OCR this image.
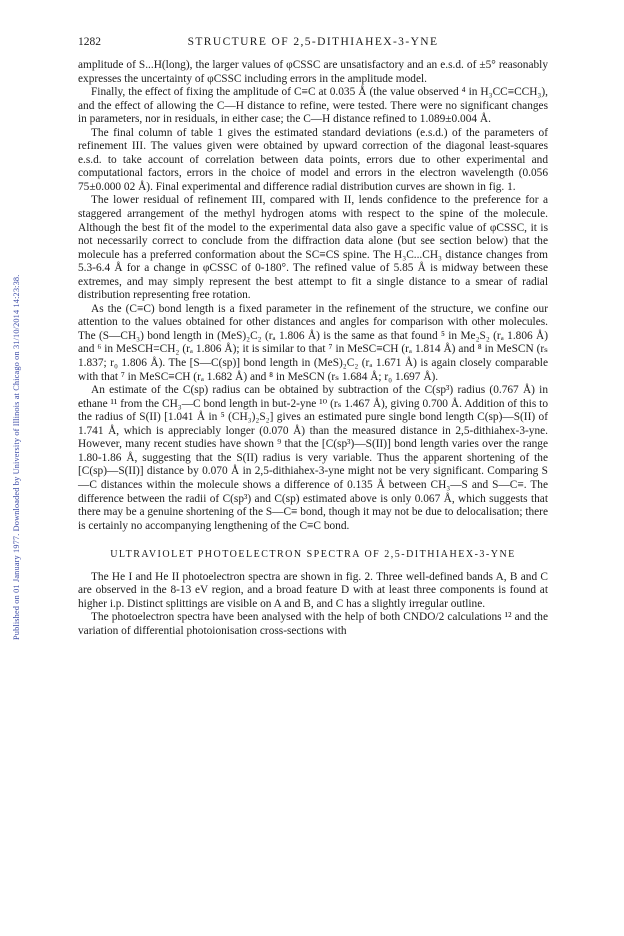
Published on 01 January 1977. Downloaded by University of Illinois at Chicago on 31/10/2014 14:23:38.
1282	STRUCTURE OF 2,5-DITHIAHEX-3-YNE

amplitude of S...H(long), the larger values of φCSSC are unsatisfactory and an e.s.d. of ±5° reasonably expresses the uncertainty of φCSSC including errors in the amplitude model.

Finally, the effect of fixing the amplitude of C≡C at 0.035 Å (the value observed ⁴ in H₃CC≡CCH₃), and the effect of allowing the C—H distance to refine, were tested. There were no significant changes in parameters, nor in residuals, in either case; the C—H distance refined to 1.089±0.004 Å.

The final column of table 1 gives the estimated standard deviations (e.s.d.) of the parameters of refinement III. The values given were obtained by upward correction of the diagonal least-squares e.s.d. to take account of correlation between data points, errors due to other experimental and computational factors, errors in the choice of model and errors in the electron wavelength (0.056 75±0.000 02 Å). Final experimental and difference radial distribution curves are shown in fig. 1.

The lower residual of refinement III, compared with II, lends confidence to the preference for a staggered arrangement of the methyl hydrogen atoms with respect to the spine of the molecule. Although the best fit of the model to the experimental data also gave a specific value of φCSSC, it is not necessarily correct to conclude from the diffraction data alone (but see section below) that the molecule has a preferred conformation about the SC≡CS spine. The H₃C...CH₃ distance changes from 5.3-6.4 Å for a change in φCSSC of 0-180°. The refined value of 5.85 Å is midway between these extremes, and may simply represent the best attempt to fit a single distance to a smear of radial distribution representing free rotation.

As the (C≡C) bond length is a fixed parameter in the refinement of the structure, we confine our attention to the values obtained for other distances and angles for comparison with other molecules. The (S—CH₃) bond length in (MeS)₂C₂ (rₐ 1.806 Å) is the same as that found ⁵ in Me₂S₂ (rₐ 1.806 Å) and ⁶ in MeSCH=CH₂ (rₐ 1.806 Å); it is similar to that ⁷ in MeSC≡CH (rₐ 1.814 Å) and ⁸ in MeSCN (rₛ 1.837; r₀ 1.806 Å). The [S—C(sp)] bond length in (MeS)₂C₂ (rₐ 1.671 Å) is again closely comparable with that ⁷ in MeSC≡CH (rₐ 1.682 Å) and ⁸ in MeSCN (rₛ 1.684 Å; r₀ 1.697 Å).

An estimate of the C(sp) radius can be obtained by subtraction of the C(sp³) radius (0.767 Å) in ethane ¹¹ from the CH₃—C bond length in but-2-yne ¹⁰ (rₛ 1.467 Å), giving 0.700 Å. Addition of this to the radius of S(II) [1.041 Å in ⁵ (CH₃)₂S₂] gives an estimated pure single bond length C(sp)—S(II) of 1.741 Å, which is appreciably longer (0.070 Å) than the measured distance in 2,5-dithiahex-3-yne. However, many recent studies have shown ⁹ that the [C(sp³)—S(II)] bond length varies over the range 1.80-1.86 Å, suggesting that the S(II) radius is very variable. Thus the apparent shortening of the [C(sp)—S(II)] distance by 0.070 Å in 2,5-dithiahex-3-yne might not be very significant. Comparing S—C distances within the molecule shows a difference of 0.135 Å between CH₃—S and S—C≡. The difference between the radii of C(sp³) and C(sp) estimated above is only 0.067 Å, which suggests that there may be a genuine shortening of the S—C≡ bond, though it may not be due to delocalisation; there is certainly no accompanying lengthening of the C≡C bond.

ULTRAVIOLET PHOTOELECTRON SPECTRA OF 2,5-DITHIAHEX-3-YNE

The He I and He II photoelectron spectra are shown in fig. 2. Three well-defined bands A, B and C are observed in the 8-13 eV region, and a broad feature D with at least three components is found at higher i.p. Distinct splittings are visible on A and B, and C has a slightly irregular outline.

The photoelectron spectra have been analysed with the help of both CNDO/2 calculations ¹² and the variation of differential photoionisation cross-sections with
